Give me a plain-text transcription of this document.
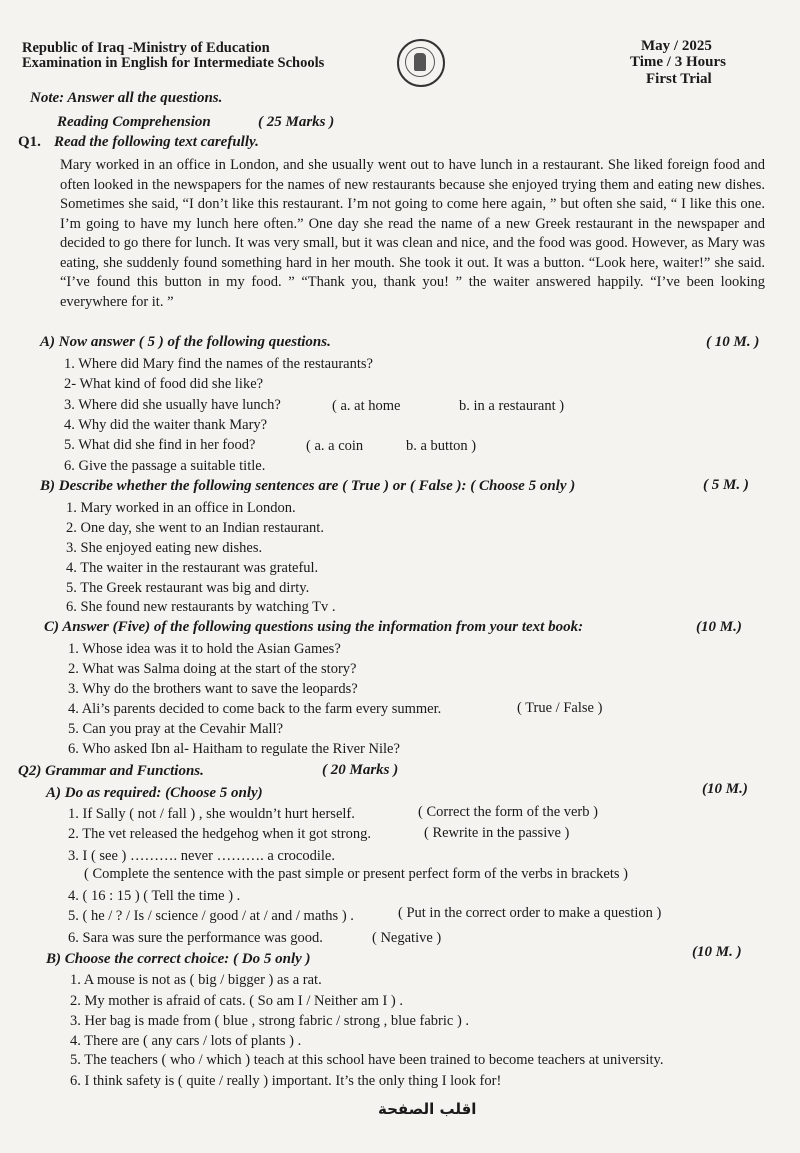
Republic of Iraq -Ministry of Education
Examination in English for Intermediate Schools
May / 2025
Time / 3 Hours
First Trial
Note: Answer all the questions.
Reading Comprehension	( 25 Marks )
Q1. Read the following text carefully.

Mary worked in an office in London, and she usually went out to have lunch in a restaurant. She liked foreign food and often looked in the newspapers for the names of new restaurants because she enjoyed trying them and eating new dishes. Sometimes she said, “I don’t like this restaurant. I’m not going to come here again, ” but often she said, “ I like this one. I’m going to have my lunch here often.” One day she read the name of a new Greek restaurant in the newspaper and decided to go there for lunch. It was very small, but it was clean and nice, and the food was good. However, as Mary was eating, she suddenly found something hard in her mouth. She took it out. It was a button. “Look here, waiter!” she said. “I’ve found this button in my food. ” “Thank you, thank you! ” the waiter answered happily. “I’ve been looking everywhere for it. ”

A) Now answer ( 5 ) of the following questions.	( 10 M. )
1. Where did Mary find the names of the restaurants?
2- What kind of food did she like?
3. Where did she usually have lunch?	( a. at home	b. in a restaurant )
4. Why did the waiter thank Mary?
5. What did she find in her food?	( a. a coin	b. a button )
6. Give the passage a suitable title.
B) Describe whether the following sentences are ( True ) or ( False ): ( Choose 5 only )	( 5 M. )
1. Mary worked in an office in London.
2. One day, she went to an Indian restaurant.
3. She enjoyed eating new dishes.
4. The waiter in the restaurant was grateful.
5. The Greek restaurant was big and dirty.
6. She found new restaurants by watching Tv .
C) Answer (Five) of the following questions using the information from your text book:	(10 M.)
1. Whose idea was it to hold the Asian Games?
2. What was Salma doing at the start of the story?
3. Why do the brothers want to save the leopards?
4. Ali’s parents decided to come back to the farm every summer.	( True / False )
5. Can you pray at the Cevahir Mall?
6. Who asked Ibn al- Haitham to regulate the River Nile?
Q2) Grammar and Functions.	( 20 Marks )
A) Do as required: (Choose 5 only)	(10 M.)
1. If Sally ( not / fall ) , she wouldn’t hurt herself.	( Correct the form of the verb )
2. The vet released the hedgehog when it got strong.	( Rewrite in the passive )
3. I ( see ) ………. never ………. a crocodile.
( Complete the sentence with the past simple or present perfect form of the verbs in brackets )
4. ( 16 : 15 ) ( Tell the time ) .
5. ( he / ? / Is / science / good / at / and / maths ) .	( Put in the correct order to make a question )
6. Sara was sure the performance was good.	( Negative )
B) Choose the correct choice: ( Do 5 only )	(10 M. )
1. A mouse is not as ( big / bigger ) as a rat.
2. My mother is afraid of cats. ( So am I / Neither am I ) .
3. Her bag is made from ( blue , strong fabric / strong , blue fabric ) .
4. There are ( any cars / lots of plants ) .
5. The teachers ( who / which ) teach at this school have been trained to become teachers at university.
6. I think safety is ( quite / really ) important. It’s the only thing I look for!
اقلب الصفحة
